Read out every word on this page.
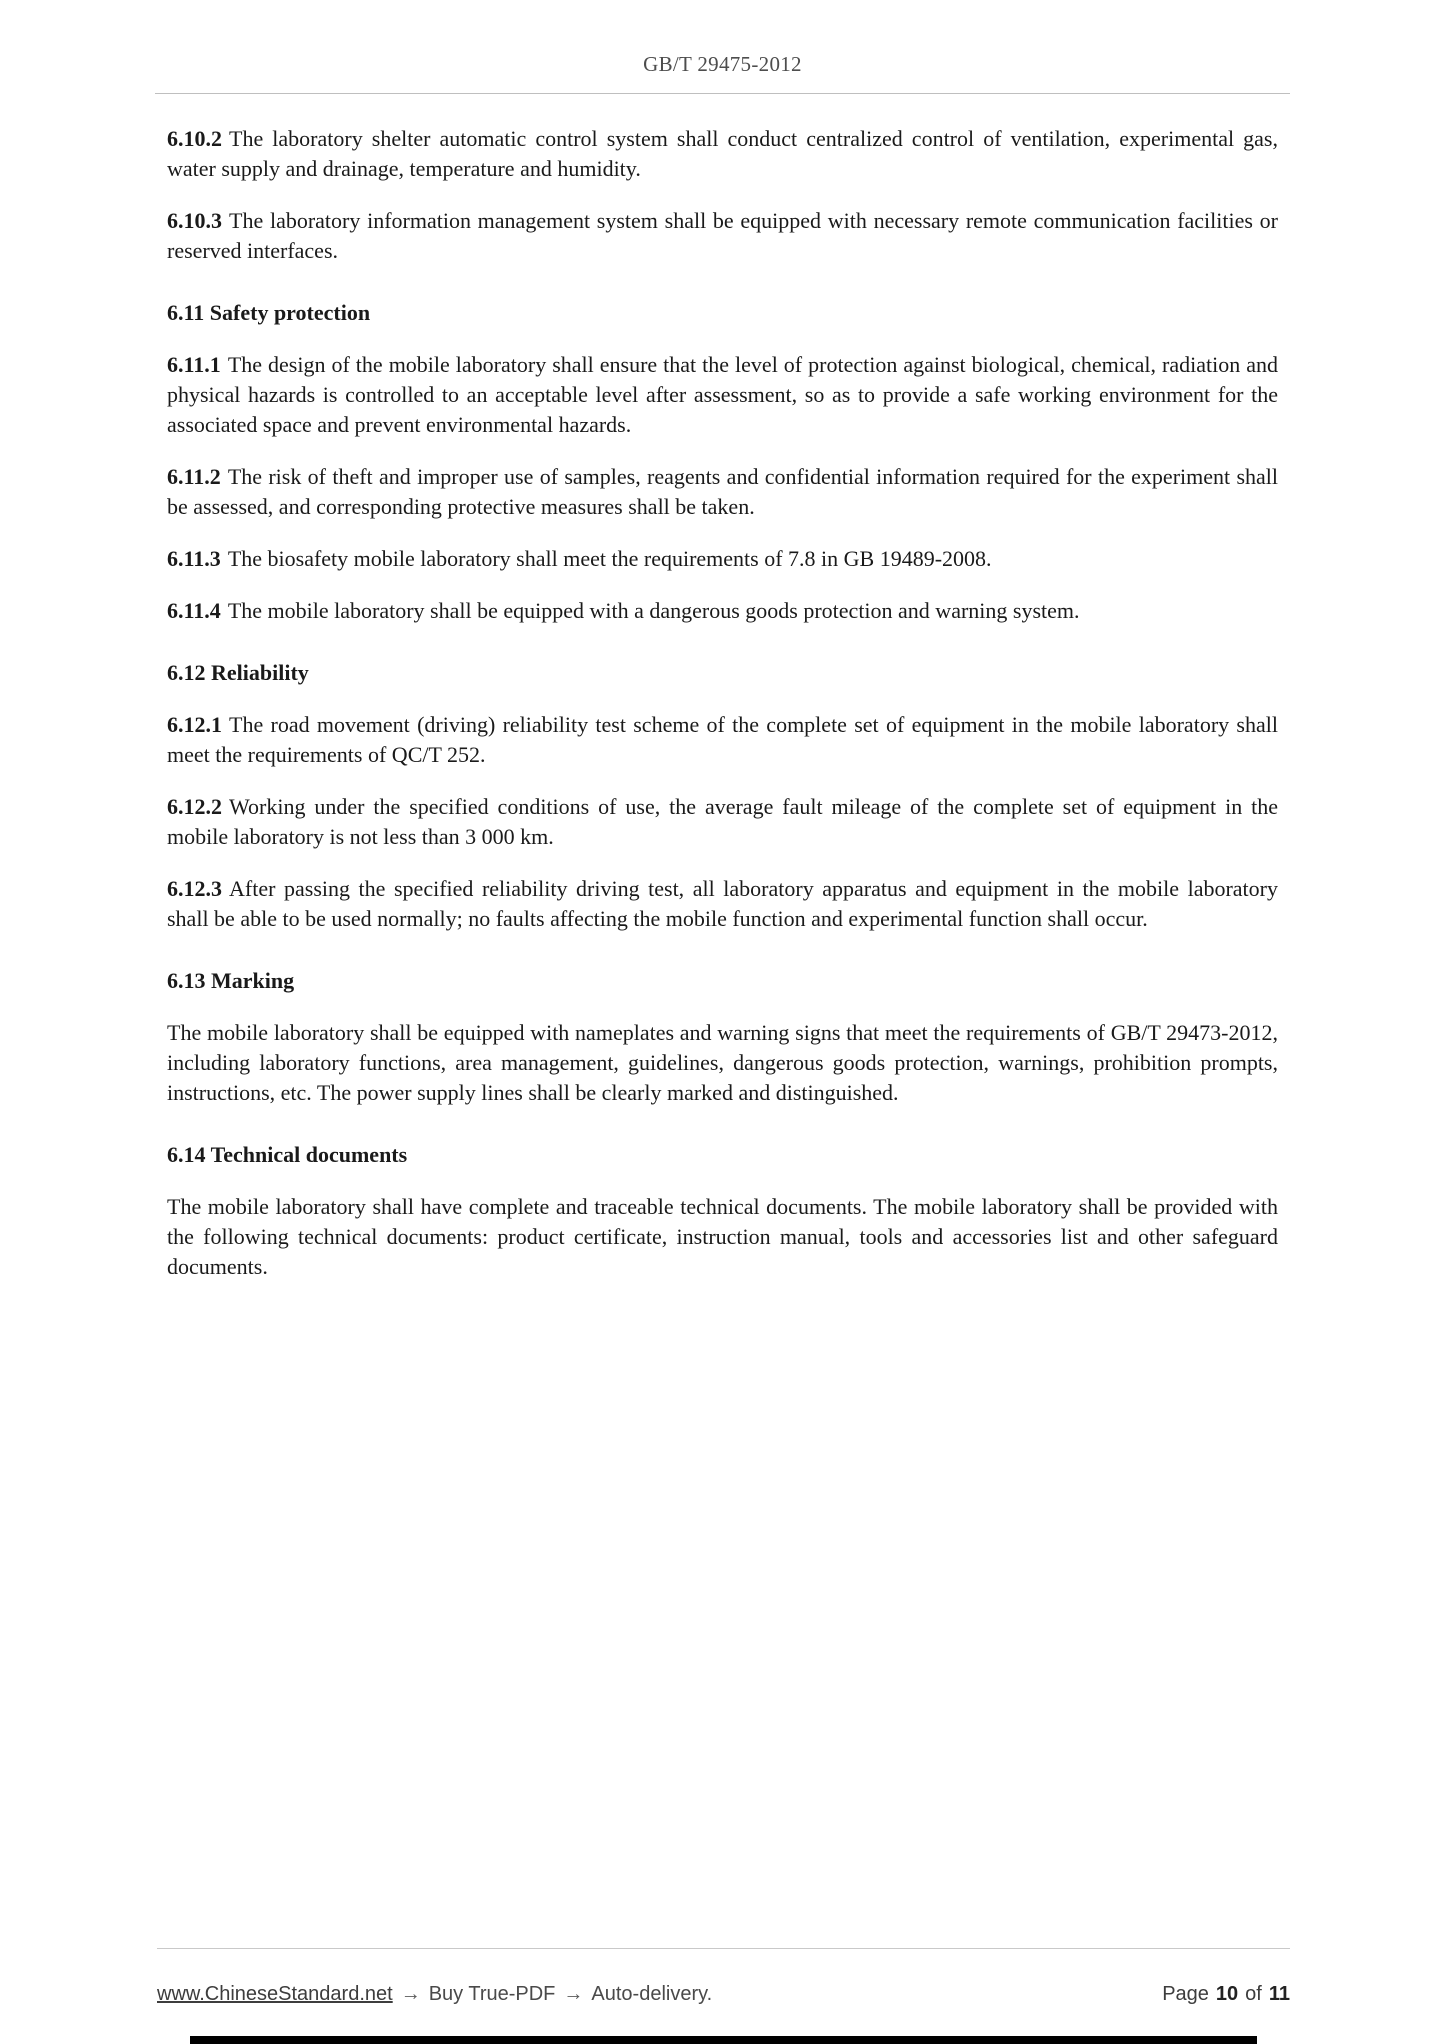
GB/T 29475-2012

6.10.2 The laboratory shelter automatic control system shall conduct centralized control of ventilation, experimental gas, water supply and drainage, temperature and humidity.

6.10.3 The laboratory information management system shall be equipped with necessary remote communication facilities or reserved interfaces.

6.11 Safety protection

6.11.1 The design of the mobile laboratory shall ensure that the level of protection against biological, chemical, radiation and physical hazards is controlled to an acceptable level after assessment, so as to provide a safe working environment for the associated space and prevent environmental hazards.

6.11.2 The risk of theft and improper use of samples, reagents and confidential information required for the experiment shall be assessed, and corresponding protective measures shall be taken.

6.11.3 The biosafety mobile laboratory shall meet the requirements of 7.8 in GB 19489-2008.

6.11.4 The mobile laboratory shall be equipped with a dangerous goods protection and warning system.

6.12 Reliability

6.12.1 The road movement (driving) reliability test scheme of the complete set of equipment in the mobile laboratory shall meet the requirements of QC/T 252.

6.12.2 Working under the specified conditions of use, the average fault mileage of the complete set of equipment in the mobile laboratory is not less than 3 000 km.

6.12.3 After passing the specified reliability driving test, all laboratory apparatus and equipment in the mobile laboratory shall be able to be used normally; no faults affecting the mobile function and experimental function shall occur.

6.13 Marking

The mobile laboratory shall be equipped with nameplates and warning signs that meet the requirements of GB/T 29473-2012, including laboratory functions, area management, guidelines, dangerous goods protection, warnings, prohibition prompts, instructions, etc. The power supply lines shall be clearly marked and distinguished.

6.14 Technical documents

The mobile laboratory shall have complete and traceable technical documents. The mobile laboratory shall be provided with the following technical documents: product certificate, instruction manual, tools and accessories list and other safeguard documents.

www.ChineseStandard.net → Buy True-PDF → Auto-delivery.	Page 10 of 11
